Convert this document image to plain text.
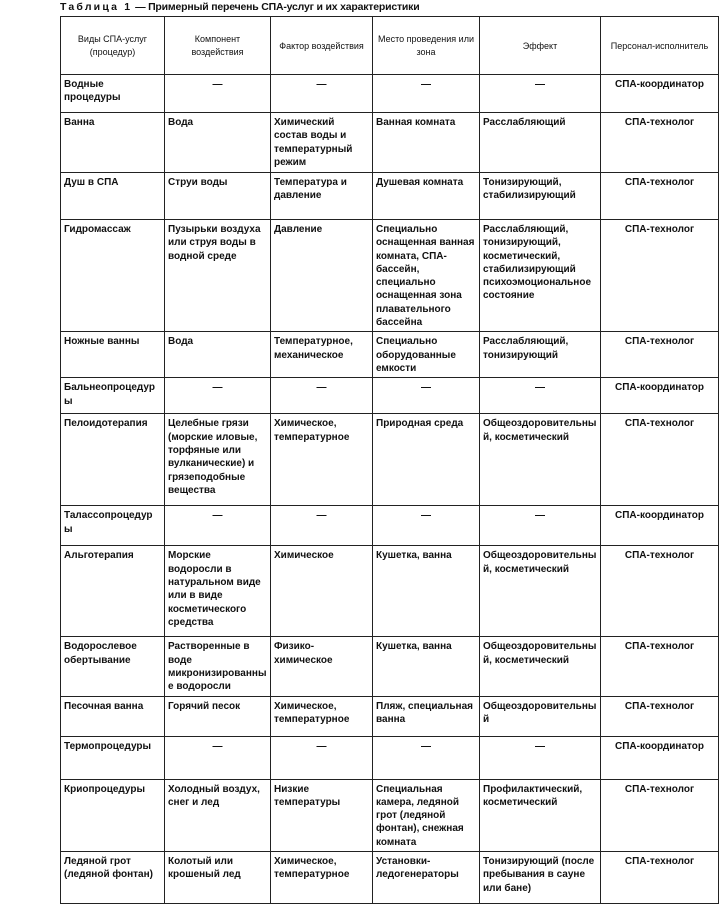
Таблица 1 — Примерный перечень СПА-услуг и их характеристики
Виды СПА-услуг (процедур)	Компонент воздействия	Фактор воздействия	Место проведения или зона	Эффект	Персонал-исполнитель
Водные процедуры	—	—	—	—	СПА-координатор
Ванна	Вода	Химический состав воды и температурный режим	Ванная комната	Расслабляющий	СПА-технолог
Душ в СПА	Струи воды	Температура и давление	Душевая комната	Тонизирующий, стабилизирующий	СПА-технолог
Гидромассаж	Пузырьки воздуха или струя воды в водной среде	Давление	Специально оснащенная ванная комната, СПА-бассейн, специально оснащенная зона плавательного бассейна	Расслабляющий, тонизирующий, косметический, стабилизирующий психоэмоциональное состояние	СПА-технолог
Ножные ванны	Вода	Температурное, механическое	Специально оборудованные емкости	Расслабляющий, тонизирующий	СПА-технолог
Бальнеопроцедуры	—	—	—	—	СПА-координатор
Пелоидотерапия	Целебные грязи (морские иловые, торфяные или вулканические) и грязеподобные вещества	Химическое, температурное	Природная среда	Общеоздоровительный, косметический	СПА-технолог
Талассопроцедуры	—	—	—	—	СПА-координатор
Альготерапия	Морские водоросли в натуральном виде или в виде косметического средства	Химическое	Кушетка, ванна	Общеоздоровительный, косметический	СПА-технолог
Водорослевое обертывание	Растворенные в воде микронизированные водоросли	Физико-химическое	Кушетка, ванна	Общеоздоровительный, косметический	СПА-технолог
Песочная ванна	Горячий песок	Химическое, температурное	Пляж, специальная ванна	Общеоздоровительный	СПА-технолог
Термопроцедуры	—	—	—	—	СПА-координатор
Криопроцедуры	Холодный воздух, снег и лед	Низкие температуры	Специальная камера, ледяной грот (ледяной фонтан), снежная комната	Профилактический, косметический	СПА-технолог
Ледяной грот (ледяной фонтан)	Колотый или крошеный лед	Химическое, температурное	Установки-ледогенераторы	Тонизирующий (после пребывания в сауне или бане)	СПА-технолог
